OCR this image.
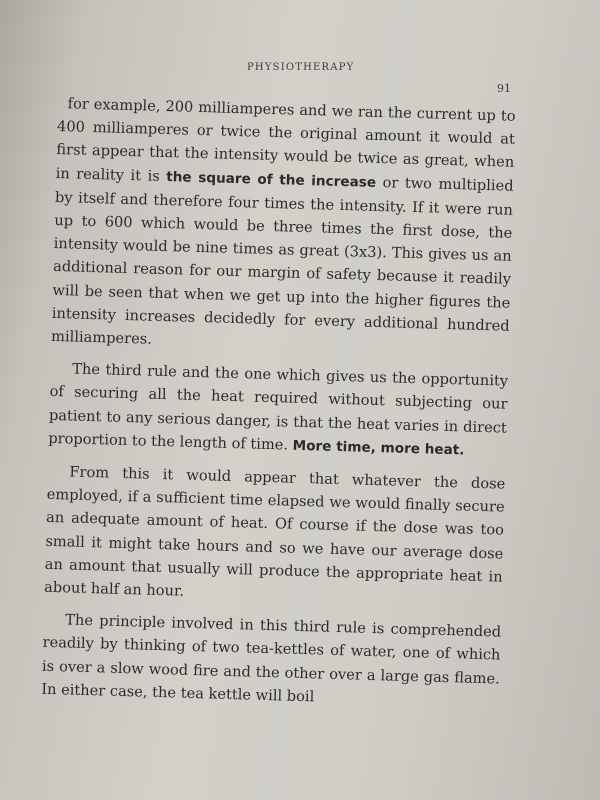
PHYSIOTHERAPY
91

for example, 200 milliamperes and we ran the current up to 400 milliamperes or twice the original amount it would at first appear that the intensity would be twice as great, when in reality it is the square of the increase or two multiplied by itself and therefore four times the intensity. If it were run up to 600 which would be three times the first dose, the intensity would be nine times as great (3x3). This gives us an additional reason for our margin of safety because it readily will be seen that when we get up into the higher figures the intensity increases decidedly for every additional hundred milliamperes.

The third rule and the one which gives us the opportunity of securing all the heat required without subjecting our patient to any serious danger, is that the heat varies in direct proportion to the length of time. More time, more heat.

From this it would appear that whatever the dose employed, if a sufficient time elapsed we would finally secure an adequate amount of heat. Of course if the dose was too small it might take hours and so we have our average dose an amount that usually will produce the appropriate heat in about half an hour.

The principle involved in this third rule is comprehended readily by thinking of two tea-kettles of water, one of which is over a slow wood fire and the other over a large gas flame. In either case, the tea kettle will boil
